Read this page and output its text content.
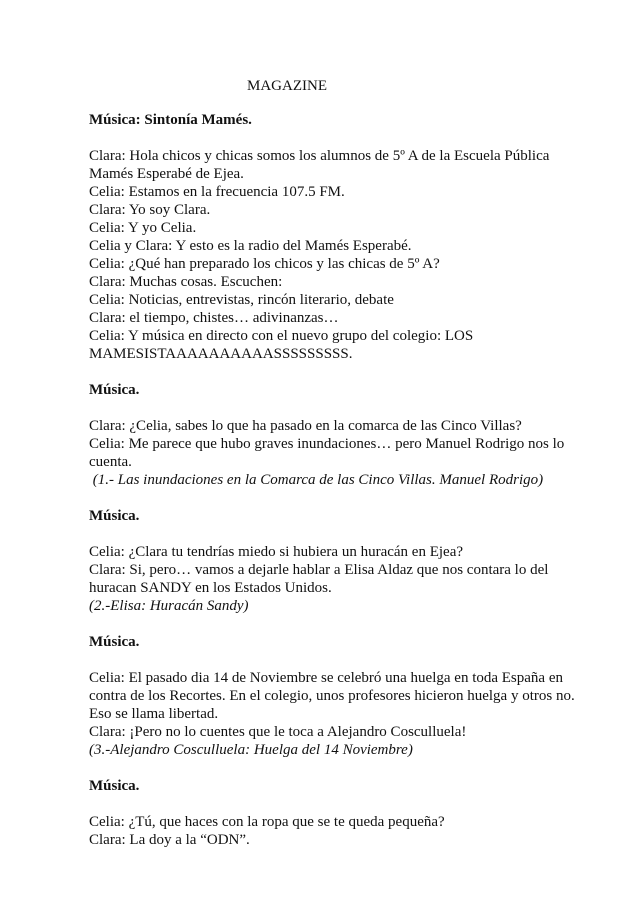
MAGAZINE
Música: Sintonía Mamés.
Clara: Hola chicos y chicas somos los alumnos de 5º A de la Escuela Pública
Mamés Esperabé de Ejea.
Celia: Estamos en la frecuencia 107.5 FM.
Clara: Yo soy Clara.
Celia: Y yo Celia.
Celia y Clara: Y esto es la radio del Mamés Esperabé.
Celia: ¿Qué han preparado los chicos y las chicas de 5º A?
Clara: Muchas cosas. Escuchen:
Celia: Noticias, entrevistas, rincón literario, debate
Clara: el tiempo, chistes… adivinanzas…
Celia: Y música en directo con el nuevo grupo del colegio: LOS
MAMESISTAAAAAAAAAASSSSSSSSS.
Música.
Clara: ¿Celia, sabes lo que ha pasado en la comarca de las Cinco Villas?
Celia: Me parece que hubo graves inundaciones… pero Manuel Rodrigo nos lo
cuenta.
(1.- Las inundaciones en la Comarca de las Cinco Villas. Manuel Rodrigo)
Música.
Celia: ¿Clara tu tendrías miedo si hubiera un huracán en Ejea?
Clara: Si, pero… vamos a dejarle hablar a Elisa Aldaz que nos contara lo del
huracan SANDY en los Estados Unidos.
(2.-Elisa: Huracán Sandy)
Música.
Celia: El pasado dia 14 de Noviembre se celebró una huelga en toda España en
contra de los Recortes. En el colegio, unos profesores hicieron huelga y otros no.
Eso se llama libertad.
Clara: ¡Pero no lo cuentes que le toca a Alejandro Cosculluela!
(3.-Alejandro Cosculluela: Huelga del 14 Noviembre)
Música.
Celia: ¿Tú, que haces con la ropa que se te queda pequeña?
Clara: La doy a la “ODN”.
